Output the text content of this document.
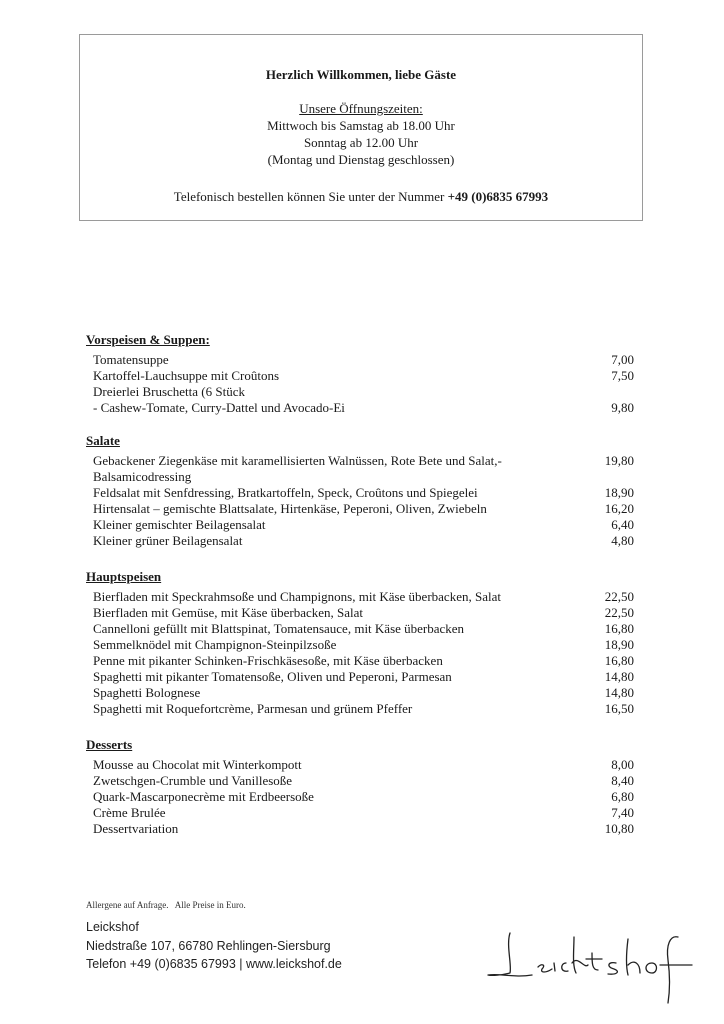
Herzlich Willkommen, liebe Gäste
Unsere Öffnungszeiten:
Mittwoch bis Samstag ab 18.00 Uhr
Sonntag ab 12.00 Uhr
(Montag und Dienstag geschlossen)
Telefonisch bestellen können Sie unter der Nummer +49 (0)6835 67993
Vorspeisen & Suppen:
Tomatensuppe	7,00
Kartoffel-Lauchsuppe mit Croûtons	7,50
Dreierlei Bruschetta (6 Stück
- Cashew-Tomate, Curry-Dattel und Avocado-Ei	9,80
Salate
Gebackener Ziegenkäse mit karamellisierten Walnüssen, Rote Bete und Salat,-	19,80
Balsamicodressing
Feldsalat mit Senfdressing, Bratkartoffeln, Speck, Croûtons und Spiegelei	18,90
Hirtensalat – gemischte Blattsalate, Hirtenkäse, Peperoni, Oliven, Zwiebeln	16,20
Kleiner gemischter Beilagensalat	6,40
Kleiner grüner Beilagensalat	4,80
Hauptspeisen
Bierfladen mit Speckrahmsoße und Champignons, mit Käse überbacken, Salat	22,50
Bierfladen mit Gemüse, mit Käse überbacken, Salat	22,50
Cannelloni gefüllt mit Blattspinat, Tomatensauce, mit Käse überbacken	16,80
Semmelknödel mit Champignon-Steinpilzsoße	18,90
Penne mit pikanter Schinken-Frischkäsesoße, mit Käse überbacken	16,80
Spaghetti mit pikanter Tomatensoße, Oliven und Peperoni, Parmesan	14,80
Spaghetti Bolognese	14,80
Spaghetti mit Roquefortcrème, Parmesan und grünem Pfeffer	16,50
Desserts
Mousse au Chocolat mit Winterkompott	8,00
Zwetschgen-Crumble und Vanillesoße	8,40
Quark-Mascarponecrème mit Erdbeersoße	6,80
Crème Brulée	7,40
Dessertvariation	10,80
Allergene auf Anfrage.   Alle Preise in Euro.
Leickshof
Niedstraße 107, 66780 Rehlingen-Siersburg
Telefon +49 (0)6835 67993 | www.leickshof.de
